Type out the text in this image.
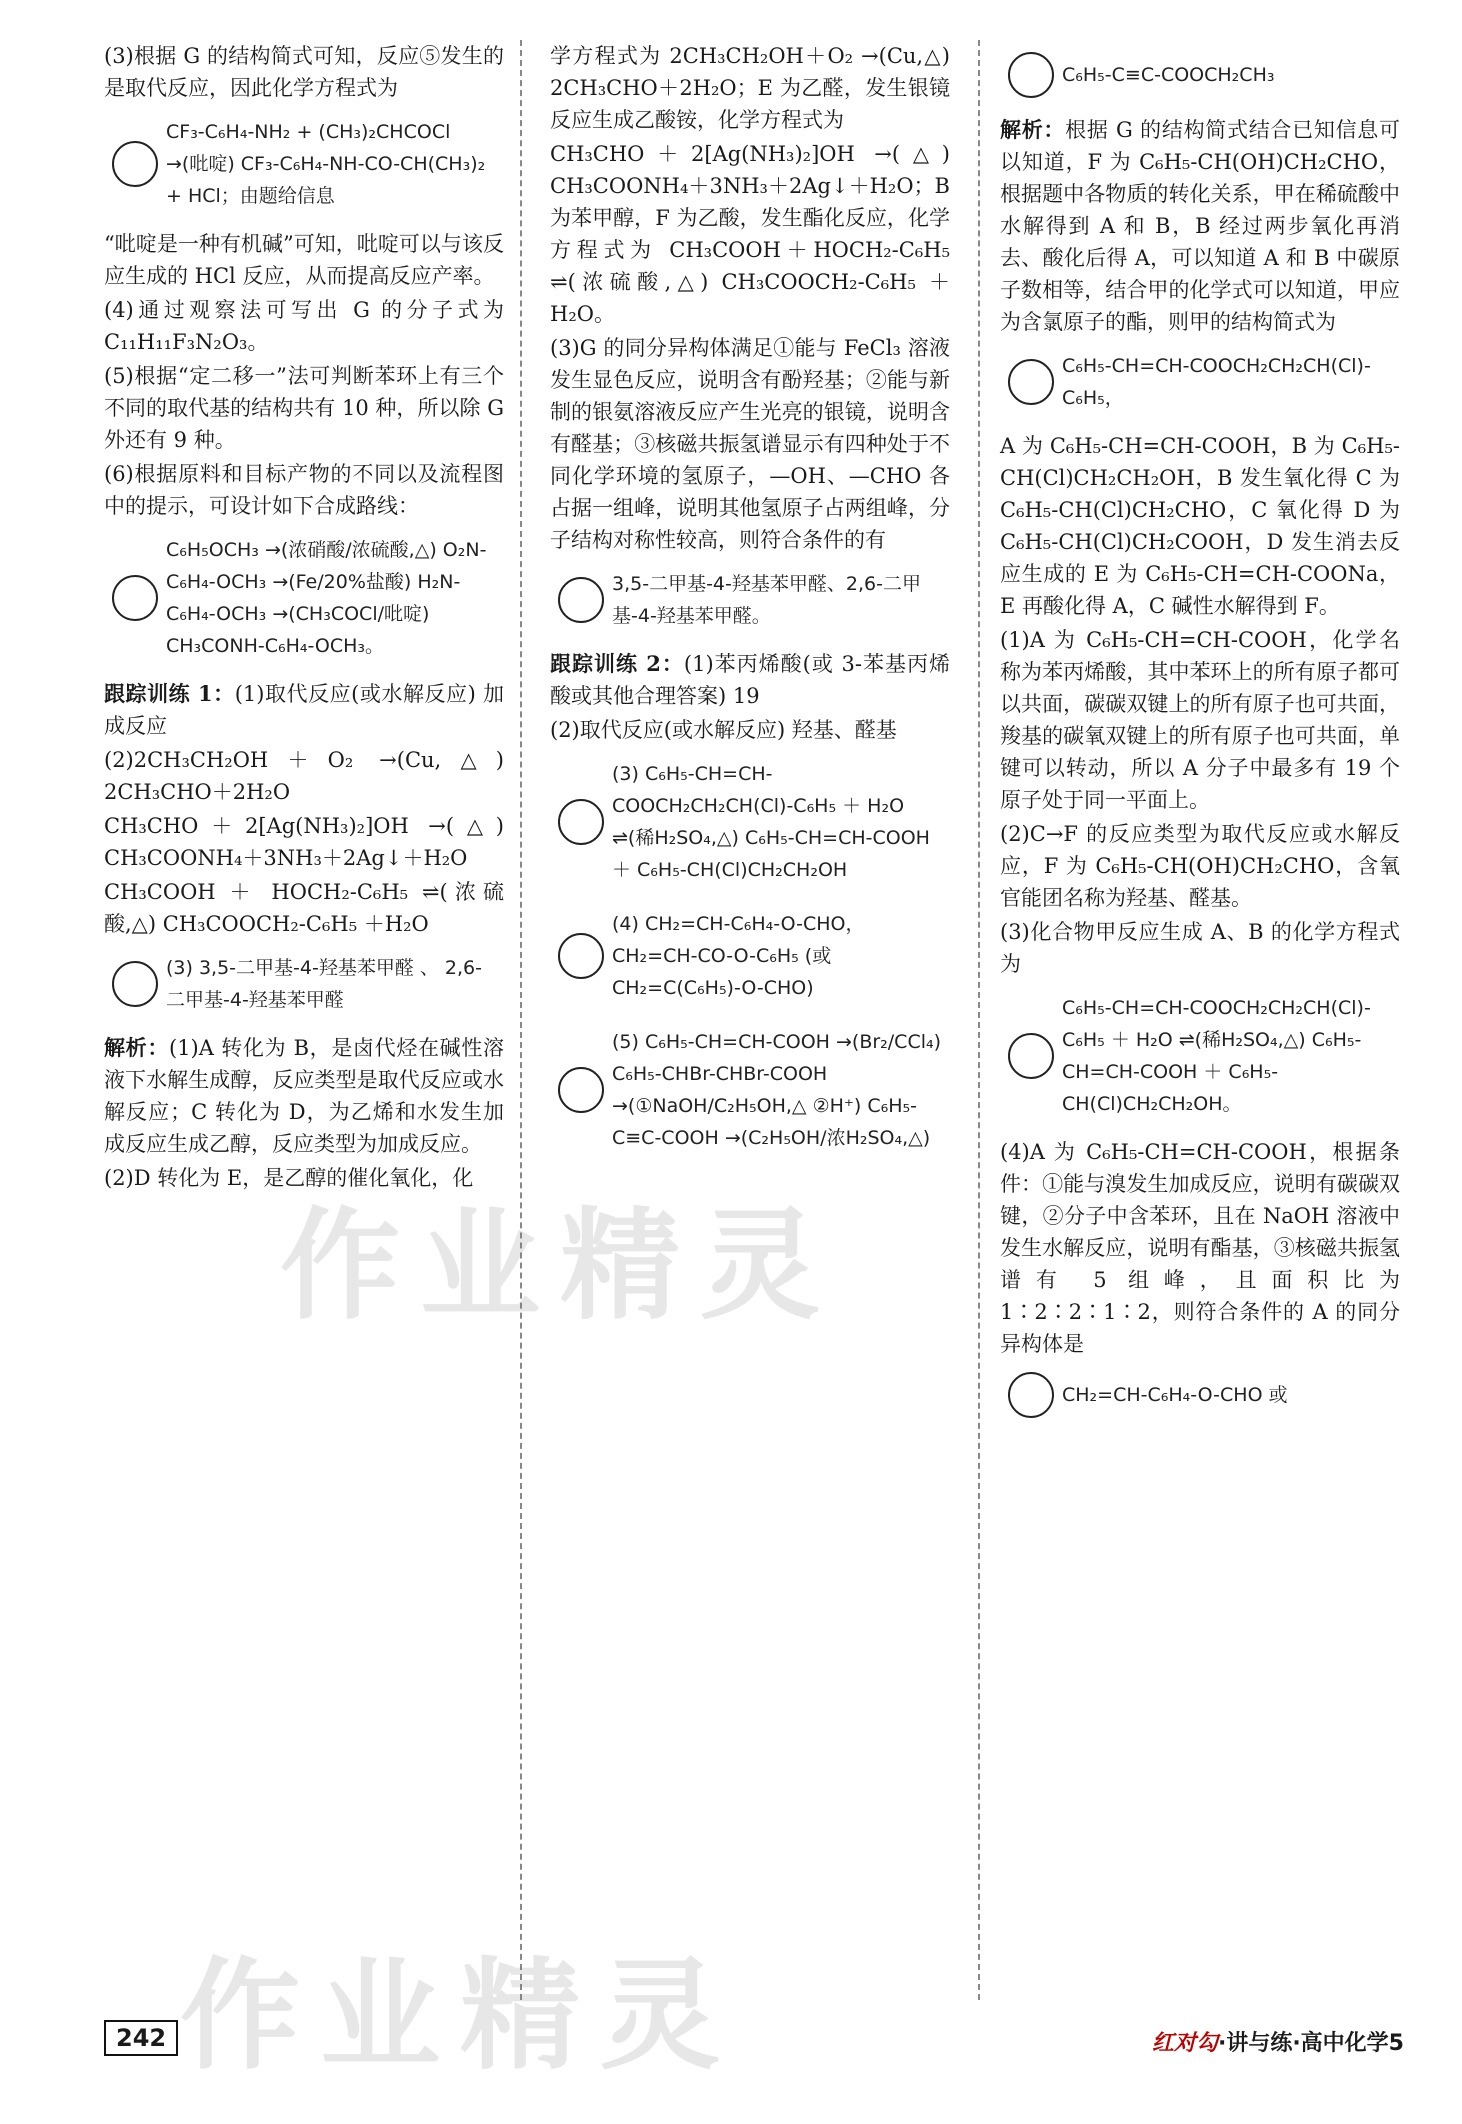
(3)根据 G 的结构简式可知，反应⑤发生的是取代反应，因此化学方程式为

CF₃-C₆H₄-NH₂ + (CH₃)₂CHCOCl →(吡啶) CF₃-C₆H₄-NH-CO-CH(CH₃)₂ + HCl；由题给信息

“吡啶是一种有机碱”可知，吡啶可以与该反应生成的 HCl 反应，从而提高反应产率。

(4)通过观察法可写出 G 的分子式为 C₁₁H₁₁F₃N₂O₃。

(5)根据“定二移一”法可判断苯环上有三个不同的取代基的结构共有 10 种，所以除 G 外还有 9 种。

(6)根据原料和目标产物的不同以及流程图中的提示，可设计如下合成路线：

C₆H₅OCH₃ →(浓硝酸/浓硫酸,△) O₂N-C₆H₄-OCH₃ →(Fe/20%盐酸) H₂N-C₆H₄-OCH₃ →(CH₃COCl/吡啶) CH₃CONH-C₆H₄-OCH₃。

跟踪训练 1：(1)取代反应(或水解反应) 加成反应

(2)2CH₃CH₂OH＋O₂ →(Cu,△) 2CH₃CHO＋2H₂O

CH₃CHO＋2[Ag(NH₃)₂]OH →(△) CH₃COONH₄＋3NH₃＋2Ag↓＋H₂O

CH₃COOH ＋ HOCH₂-C₆H₅ ⇌(浓硫酸,△) CH₃COOCH₂-C₆H₅ ＋H₂O

(3) 3,5-二甲基-4-羟基苯甲醛 、 2,6-二甲基-4-羟基苯甲醛

解析：(1)A 转化为 B，是卤代烃在碱性溶液下水解生成醇，反应类型是取代反应或水解反应；C 转化为 D，为乙烯和水发生加成反应生成乙醇，反应类型为加成反应。

(2)D 转化为 E，是乙醇的催化氧化，化

学方程式为 2CH₃CH₂OH＋O₂ →(Cu,△) 2CH₃CHO＋2H₂O；E 为乙醛，发生银镜反应生成乙酸铵，化学方程式为

CH₃CHO＋2[Ag(NH₃)₂]OH →(△) CH₃COONH₄＋3NH₃＋2Ag↓＋H₂O；B 为苯甲醇，F 为乙酸，发生酯化反应，化学方程式为 CH₃COOH＋HOCH₂-C₆H₅ ⇌(浓硫酸,△) CH₃COOCH₂-C₆H₅ ＋H₂O。

(3)G 的同分异构体满足①能与 FeCl₃ 溶液发生显色反应，说明含有酚羟基；②能与新制的银氨溶液反应产生光亮的银镜，说明含有醛基；③核磁共振氢谱显示有四种处于不同化学环境的氢原子，—OH、—CHO 各占据一组峰，说明其他氢原子占两组峰，分子结构对称性较高，则符合条件的有

3,5-二甲基-4-羟基苯甲醛、2,6-二甲基-4-羟基苯甲醛。

跟踪训练 2：(1)苯丙烯酸(或 3-苯基丙烯酸或其他合理答案) 19

(2)取代反应(或水解反应) 羟基、醛基

(3) C₆H₅-CH=CH-COOCH₂CH₂CH(Cl)-C₆H₅ ＋ H₂O ⇌(稀H₂SO₄,△) C₆H₅-CH=CH-COOH ＋ C₆H₅-CH(Cl)CH₂CH₂OH
(4) CH₂=CH-C₆H₄-O-CHO，CH₂=CH-CO-O-C₆H₅ (或 CH₂=C(C₆H₅)-O-CHO)
(5) C₆H₅-CH=CH-COOH →(Br₂/CCl₄) C₆H₅-CHBr-CHBr-COOH →(①NaOH/C₂H₅OH,△ ②H⁺) C₆H₅-C≡C-COOH →(C₂H₅OH/浓H₂SO₄,△)
C₆H₅-C≡C-COOCH₂CH₃

解析：根据 G 的结构简式结合已知信息可以知道，F 为 C₆H₅-CH(OH)CH₂CHO，根据题中各物质的转化关系，甲在稀硫酸中水解得到 A 和 B，B 经过两步氧化再消去、酸化后得 A，可以知道 A 和 B 中碳原子数相等，结合甲的化学式可以知道，甲应为含氯原子的酯，则甲的结构简式为

C₆H₅-CH=CH-COOCH₂CH₂CH(Cl)-C₆H₅，

A 为 C₆H₅-CH=CH-COOH，B 为 C₆H₅-CH(Cl)CH₂CH₂OH，B 发生氧化得 C 为 C₆H₅-CH(Cl)CH₂CHO，C 氧化得 D 为 C₆H₅-CH(Cl)CH₂COOH，D 发生消去反应生成的 E 为 C₆H₅-CH=CH-COONa，E 再酸化得 A，C 碱性水解得到 F。

(1)A 为 C₆H₅-CH=CH-COOH，化学名称为苯丙烯酸，其中苯环上的所有原子都可以共面，碳碳双键上的所有原子也可共面，羧基的碳氧双键上的所有原子也可共面，单键可以转动，所以 A 分子中最多有 19 个原子处于同一平面上。

(2)C→F 的反应类型为取代反应或水解反应，F 为 C₆H₅-CH(OH)CH₂CHO，含氧官能团名称为羟基、醛基。

(3)化合物甲反应生成 A、B 的化学方程式为

C₆H₅-CH=CH-COOCH₂CH₂CH(Cl)-C₆H₅ ＋ H₂O ⇌(稀H₂SO₄,△) C₆H₅-CH=CH-COOH ＋ C₆H₅-CH(Cl)CH₂CH₂OH。

(4)A 为 C₆H₅-CH=CH-COOH，根据条件：①能与溴发生加成反应，说明有碳碳双键，②分子中含苯环，且在 NaOH 溶液中发生水解反应，说明有酯基，③核磁共振氢谱有 5 组峰，且面积比为 1∶2∶2∶1∶2，则符合条件的 A 的同分异构体是

CH₂=CH-C₆H₄-O-CHO 或
作业精灵
作业精灵
242	红对勾·讲与练·高中化学5
